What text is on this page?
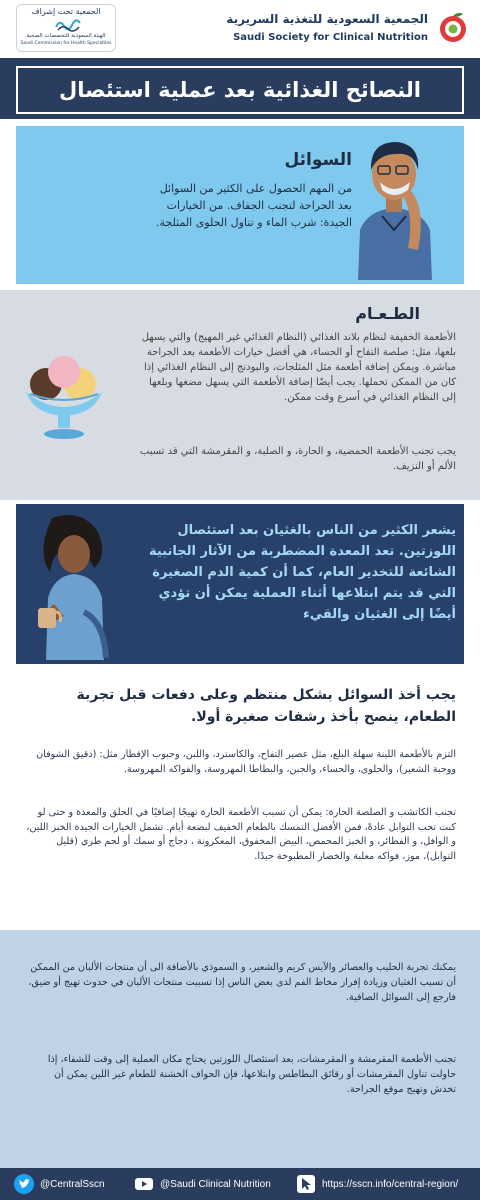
الجمعية تحت إشراف
الهيئة السعودية للتخصصات الصحية
Saudi Commission for Health Specialties
الجمعية السعودية للتغذية السريرية
Saudi Society for Clinical Nutrition
النصائح الغذائية بعد عملية استئصال
السوائل

من المهم الحصول على الكثير من السوائل بعد الجراحة لتجنب الجفاف. من الخيارات الجيدة: شرب الماء و تناول الحلوى المثلجة.

الطـعـام

الأطعمة الخفيفة لنظام بلاند الغذائي (النظام الغذائي غير المهيج) والتي يسهل بلعها، مثل: صلصة التفاح أو الحساء، هي أفضل خيارات الأطعمة بعد الجراحة مباشرة. ويمكن إضافة أطعمة مثل المثلجات، والبودنج إلى النظام الغذائي إذا كان من الممكن تحملها. يجب أيضًا إضافة الأطعمة التي يسهل مضغها وبلعها إلى النظام الغذائي في أسرع وقت ممكن.

يجب تجنب الأطعمة الحمضية، و الحارة، و الصلبة، و المقرمشة التي قد تسبب الألم أو النزيف.

يشعر الكثير من الناس بالغثيان بعد استئصال اللوزتين. تعد المعدة المضطربة من الآثار الجانبية الشائعة للتخدير العام، كما أن كمية الدم الصغيرة التي قد يتم ابتلاعها أثناء العملية يمكن أن تؤدي أيضًا إلى الغثيان والقيء

يجب أخذ السوائل بشكل منتظم وعلى دفعات قبل تجربة الطعام، ينصح بأخذ رشفات صغيرة أولا.

التزم بالأطعمة اللينة سهلة البلع، مثل عصير التفاح، والكاسترد، واللبن، وحبوب الإفطار مثل: (دقيق الشوفان ووجبة الشعير)، والحلوى، والحساء، والجبن، والبطاطا المهروسة، والفواكه المهروسة.

تجنب الكاتشب و الصلصة الحارة: يمكن أن تسبب الأطعمة الحارة تهيجًا إضافيًا في الحلق والمعدة و حتى لو كنت تحب التوابل عادةً، فمن الأفضل التمسك بالطعام الخفيف لبضعة أيام. تشمل الخيارات الجيدة الخبز اللين، و الوافل، و الفطائر، و الخبز المحمص، البيض المخفوق، المعكرونة ، دجاج أو سمك أو لحم طري (قليل التوابل)، موز، فواكه معلبة والخضار المطبوخة جيدًا.

يمكنك تجربة الحليب والعصائر والآيس كريم والشعير، و السموذي بالأضافة الى أن منتجات الألبان من الممكن أن تسبب الغثيان وزيادة إفراز مخاط الفم لدى بعض الناس إذا تسببت منتجات الألبان في حدوث تهيج أو ضيق، فارجع إلى السوائل الصافية.

تجنب الأطعمة المقرمشة و المقرمشات، بعد استئصال اللوزتين يحتاج مكان العملية إلى وقت للشفاء، إذا حاولت تناول المقرمشات أو رقائق البطاطس وابتلاعها، فإن الحواف الخشنة للطعام غير اللين يمكن أن تخدش وتهيج موقع الجراحة.

@CentralSscn	@Saudi Clinical Nutrition	https://sscn.info/central-region/
